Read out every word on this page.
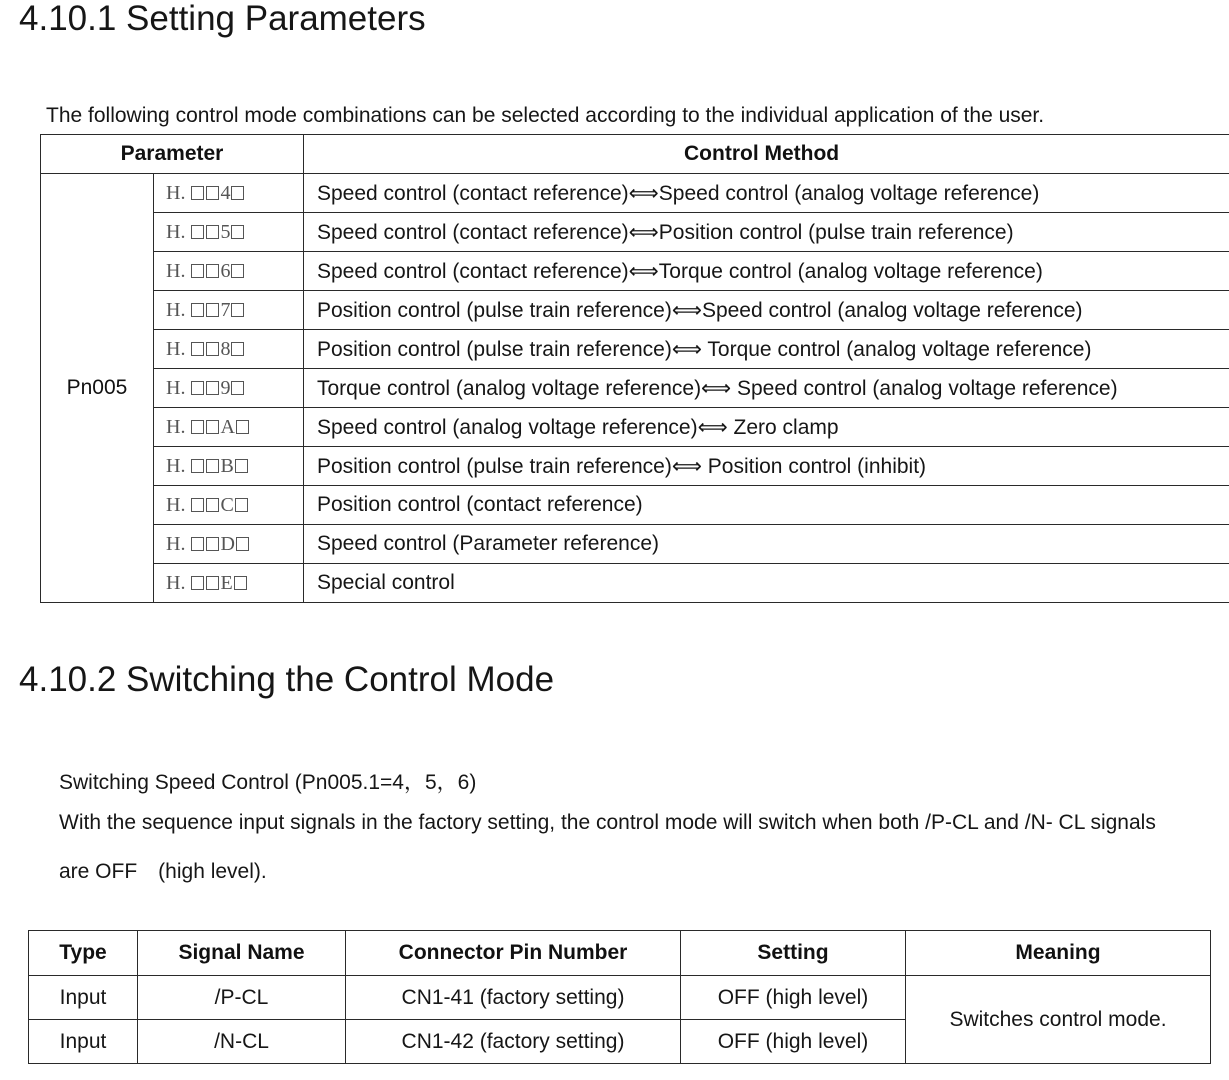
4.10.1 Setting Parameters

The following control mode combinations can be selected according to the individual application of the user.

Parameter		Control Method
Pn005	H. 4	Speed control (contact reference)⟺Speed control (analog voltage reference)
	H. 5	Speed control (contact reference)⟺Position control (pulse train reference)
	H. 6	Speed control (contact reference)⟺Torque control (analog voltage reference)
	H. 7	Position control (pulse train reference)⟺Speed control (analog voltage reference)
	H. 8	Position control (pulse train reference)⟺ Torque control (analog voltage reference)
	H. 9	Torque control (analog voltage reference)⟺ Speed control (analog voltage reference)
	H. A	Speed control (analog voltage reference)⟺ Zero clamp
	H. B	Position control (pulse train reference)⟺ Position control (inhibit)
	H. C	Position control (contact reference)
	H. D	Speed control (Parameter reference)
	H. E	Special control
4.10.2 Switching the Control Mode

Switching Speed Control (Pn005.1=4，5，6)

With the sequence input signals in the factory setting, the control mode will switch when both /P-CL and /N- CL signals

are OFF　(high level).

Type	Signal Name	Connector Pin Number	Setting	Meaning
Input	/P-CL	CN1-41 (factory setting)	OFF (high level)	Switches control mode.
Input	/N-CL	CN1-42 (factory setting)	OFF (high level)	
